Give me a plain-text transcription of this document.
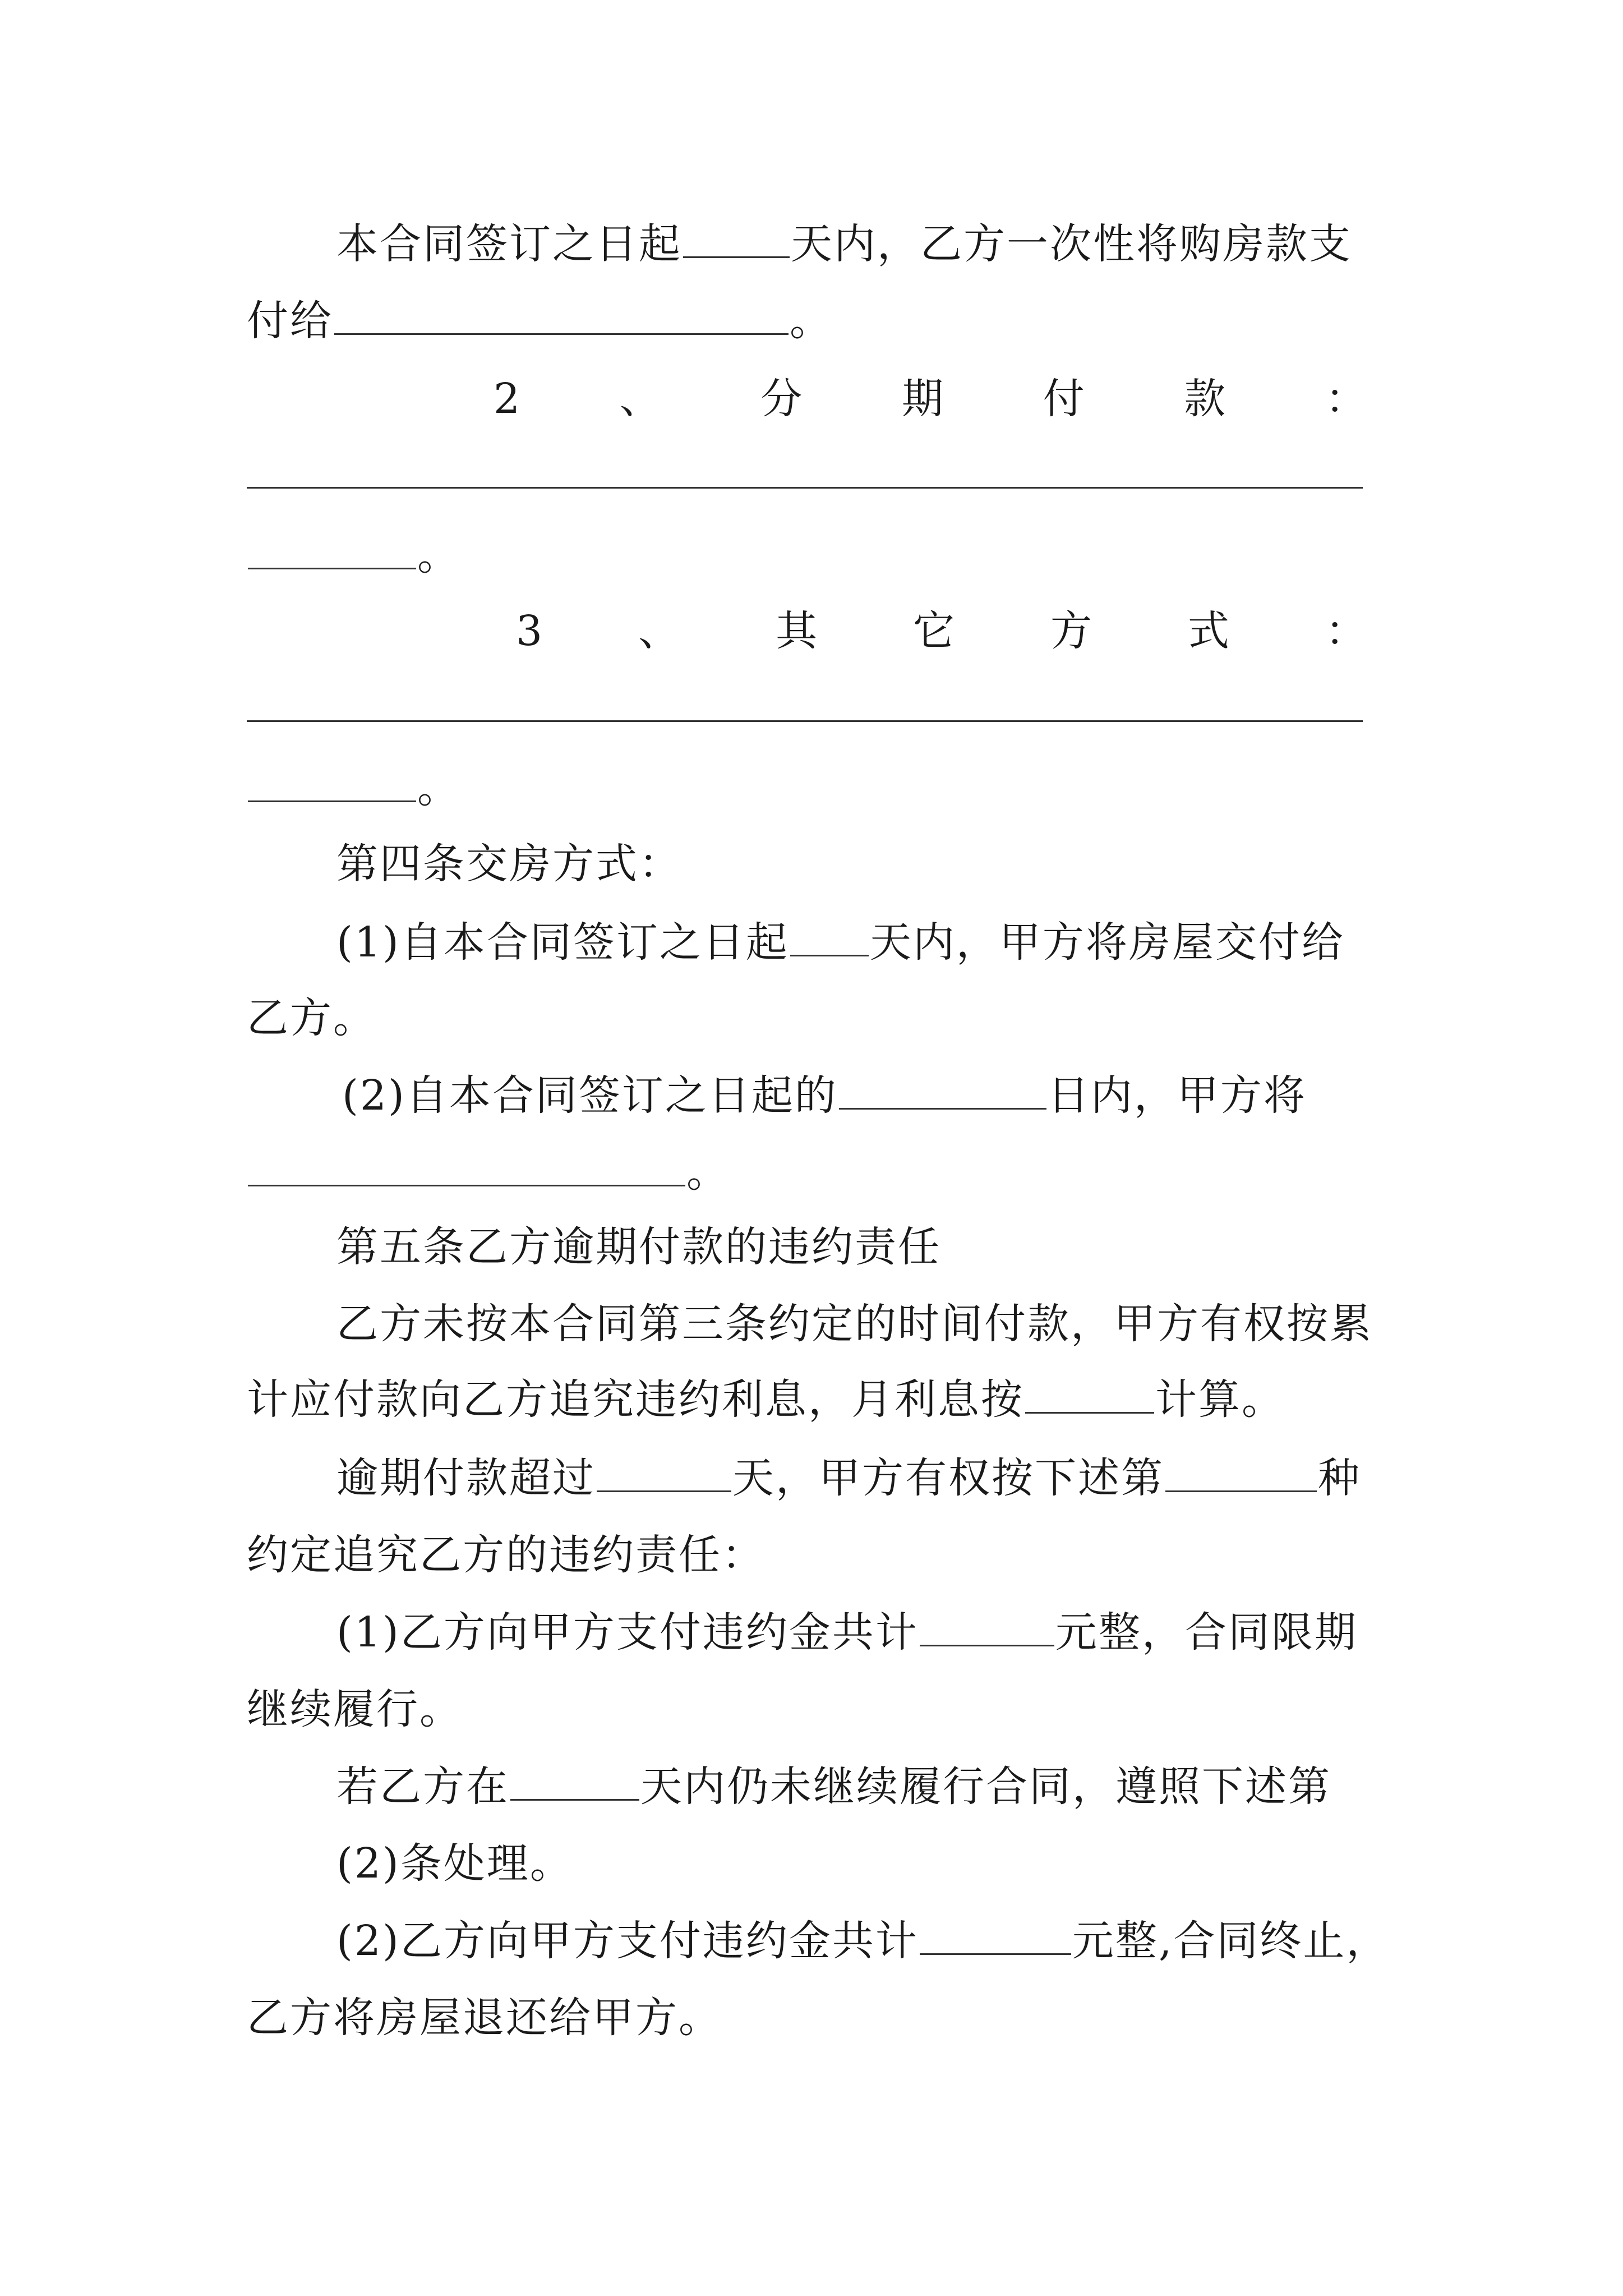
本合同签订之日起	天内，乙方一次性将购房款支
付给	。
2 、 分 期 付 款 ：
。
3 、 其 它 方 式 ：
。
第四条交房方式：
(1)自本合同签订之日起 天内，甲方将房屋交付给
乙方。
(2)自本合同签订之日起的	日内，甲方将
。
第五条乙方逾期付款的违约责任
乙方未按本合同第三条约定的时间付款，甲方有权按累
计应付款向乙方追究违约利息，月利息按	计算。
逾期付款超过	天，甲方有权按下述第	种
约定追究乙方的违约责任：
(1)乙方向甲方支付违约金共计	元整，合同限期
继续履行。
若乙方在	天内仍未继续履行合同，遵照下述第
(2)条处理。
(2)乙方向甲方支付违约金共计	元整,合同终止，
乙方将房屋退还给甲方。
